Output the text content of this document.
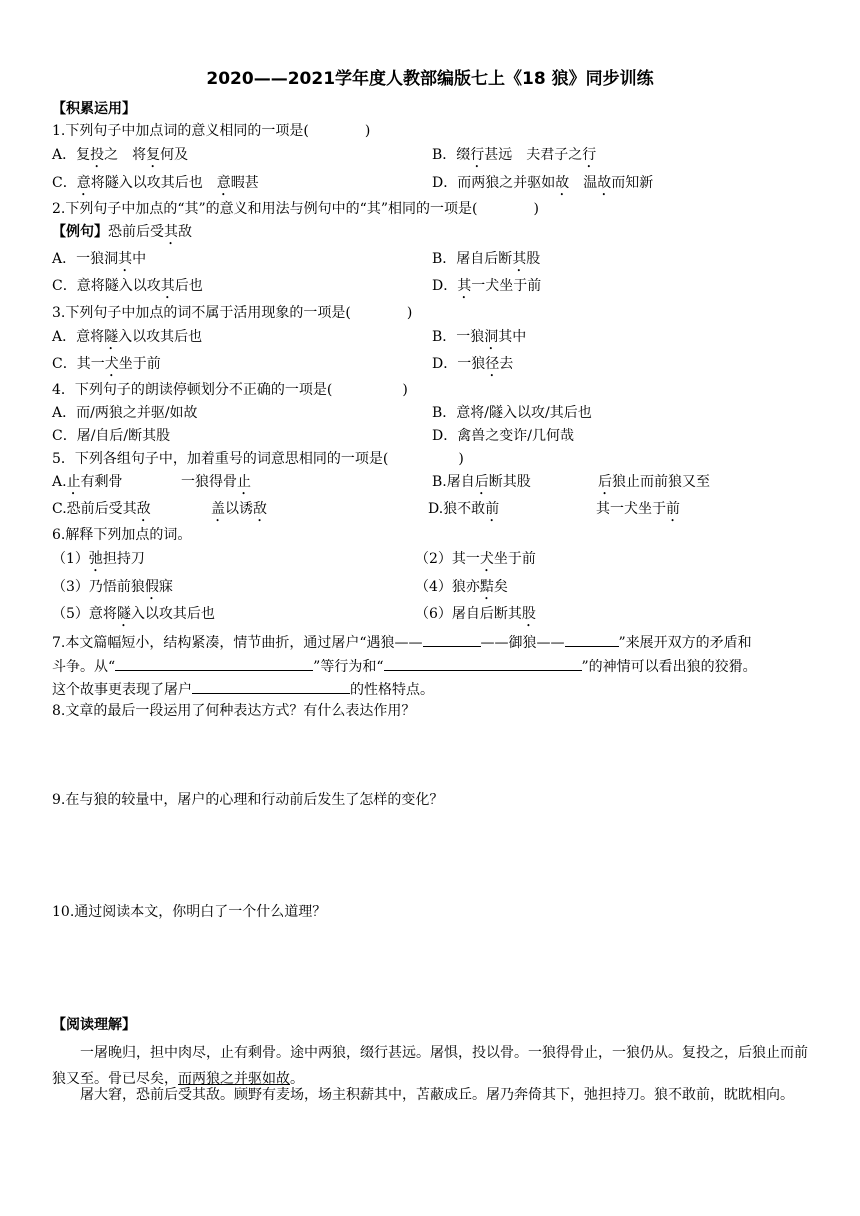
2020——2021学年度人教部编版七上《18 狼》同步训练
【积累运用】
1.下列句子中加点词的意义相同的一项是(　　　　)
A．复投之　将复何及	B．缀行甚远　夫君子之行
C．意将隧入以攻其后也　意暇甚	D．而两狼之并驱如故　温故而知新
2.下列句子中加点的“其”的意义和用法与例句中的“其”相同的一项是(　　　　)
【例句】恐前后受其敌
A．一狼洞其中	B．屠自后断其股
C．意将隧入以攻其后也	D．其一犬坐于前
3.下列句子中加点的词不属于活用现象的一项是(　　　　)
A．意将隧入以攻其后也	B．一狼洞其中
C．其一犬坐于前	D．一狼径去
4．下列句子的朗读停顿划分不正确的一项是(　　　　　)
A．而/两狼之并驱/如故	B．意将/隧入以攻/其后也
C．屠/自后/断其股	D．禽兽之变诈/几何哉
5．下列各组句子中，加着重号的词意思相同的一项是(　　　　　)
A.止有剩骨	一狼得骨止	B.屠自后断其股	后狼止而前狼又至
C.恐前后受其敌	盖以诱敌	D.狼不敢前	其一犬坐于前
6.解释下列加点的词。
（1）弛担持刀	（2）其一犬坐于前
（3）乃悟前狼假寐	（4）狼亦黠矣
（5）意将隧入以攻其后也	（6）屠自后断其股
7.本文篇幅短小，结构紧凑，情节曲折，通过屠户“遇狼——	——御狼——	”来展开双方的矛盾和
斗争。从“	”等行为和“	”的神情可以看出狼的狡猾。
这个故事更表现了屠户	的性格特点。
8.文章的最后一段运用了何种表达方式？有什么表达作用？
9.在与狼的较量中，屠户的心理和行动前后发生了怎样的变化？
10.通过阅读本文，你明白了一个什么道理？
【阅读理解】
一屠晚归，担中肉尽，止有剩骨。途中两狼，缀行甚远。屠惧，投以骨。一狼得骨止，一狼仍从。复投之，后狼止而前狼又至。骨已尽矣，而两狼之并驱如故。
屠大窘，恐前后受其敌。顾野有麦场，场主积薪其中，苫蔽成丘。屠乃奔倚其下，弛担持刀。狼不敢前，眈眈相向。
